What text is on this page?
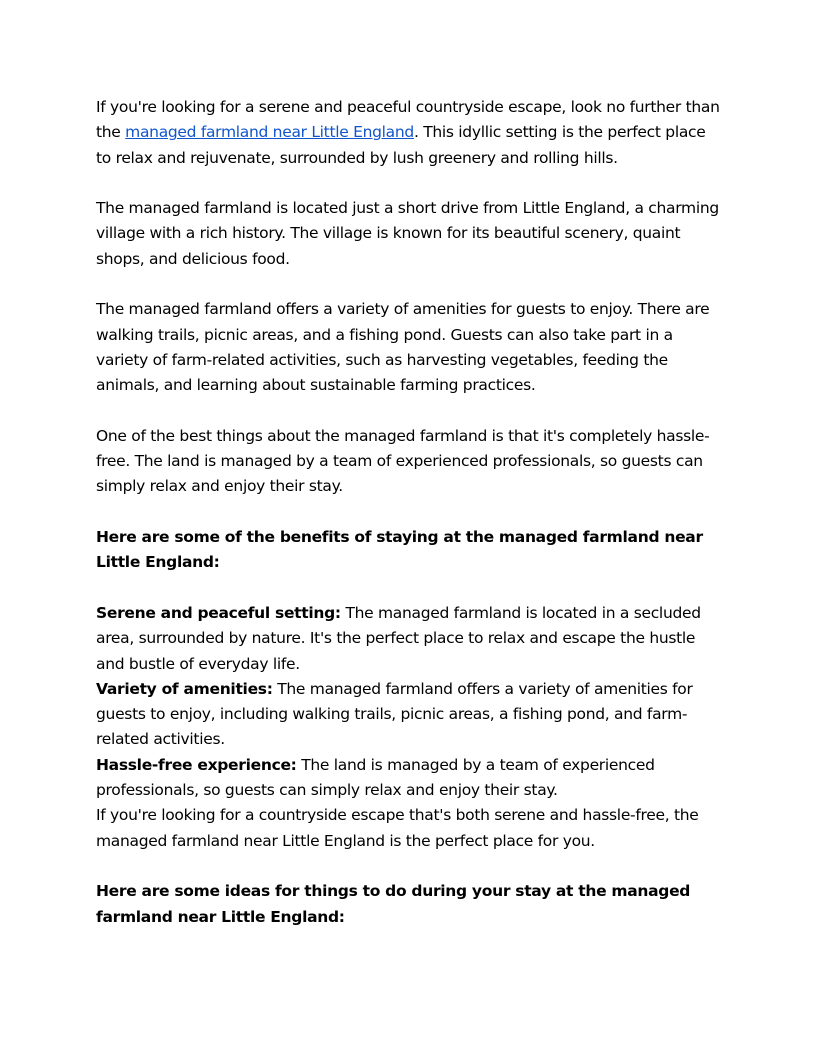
If you're looking for a serene and peaceful countryside escape, look no further than the managed farmland near Little England. This idyllic setting is the perfect place to relax and rejuvenate, surrounded by lush greenery and rolling hills.

The managed farmland is located just a short drive from Little England, a charming village with a rich history. The village is known for its beautiful scenery, quaint shops, and delicious food.

The managed farmland offers a variety of amenities for guests to enjoy. There are walking trails, picnic areas, and a fishing pond. Guests can also take part in a variety of farm-related activities, such as harvesting vegetables, feeding the animals, and learning about sustainable farming practices.

One of the best things about the managed farmland is that it's completely hassle-free. The land is managed by a team of experienced professionals, so guests can simply relax and enjoy their stay.

Here are some of the benefits of staying at the managed farmland near Little England:

Serene and peaceful setting: The managed farmland is located in a secluded area, surrounded by nature. It's the perfect place to relax and escape the hustle and bustle of everyday life.

Variety of amenities: The managed farmland offers a variety of amenities for guests to enjoy, including walking trails, picnic areas, a fishing pond, and farm-related activities.

Hassle-free experience: The land is managed by a team of experienced professionals, so guests can simply relax and enjoy their stay.

If you're looking for a countryside escape that's both serene and hassle-free, the managed farmland near Little England is the perfect place for you.

Here are some ideas for things to do during your stay at the managed farmland near Little England:
